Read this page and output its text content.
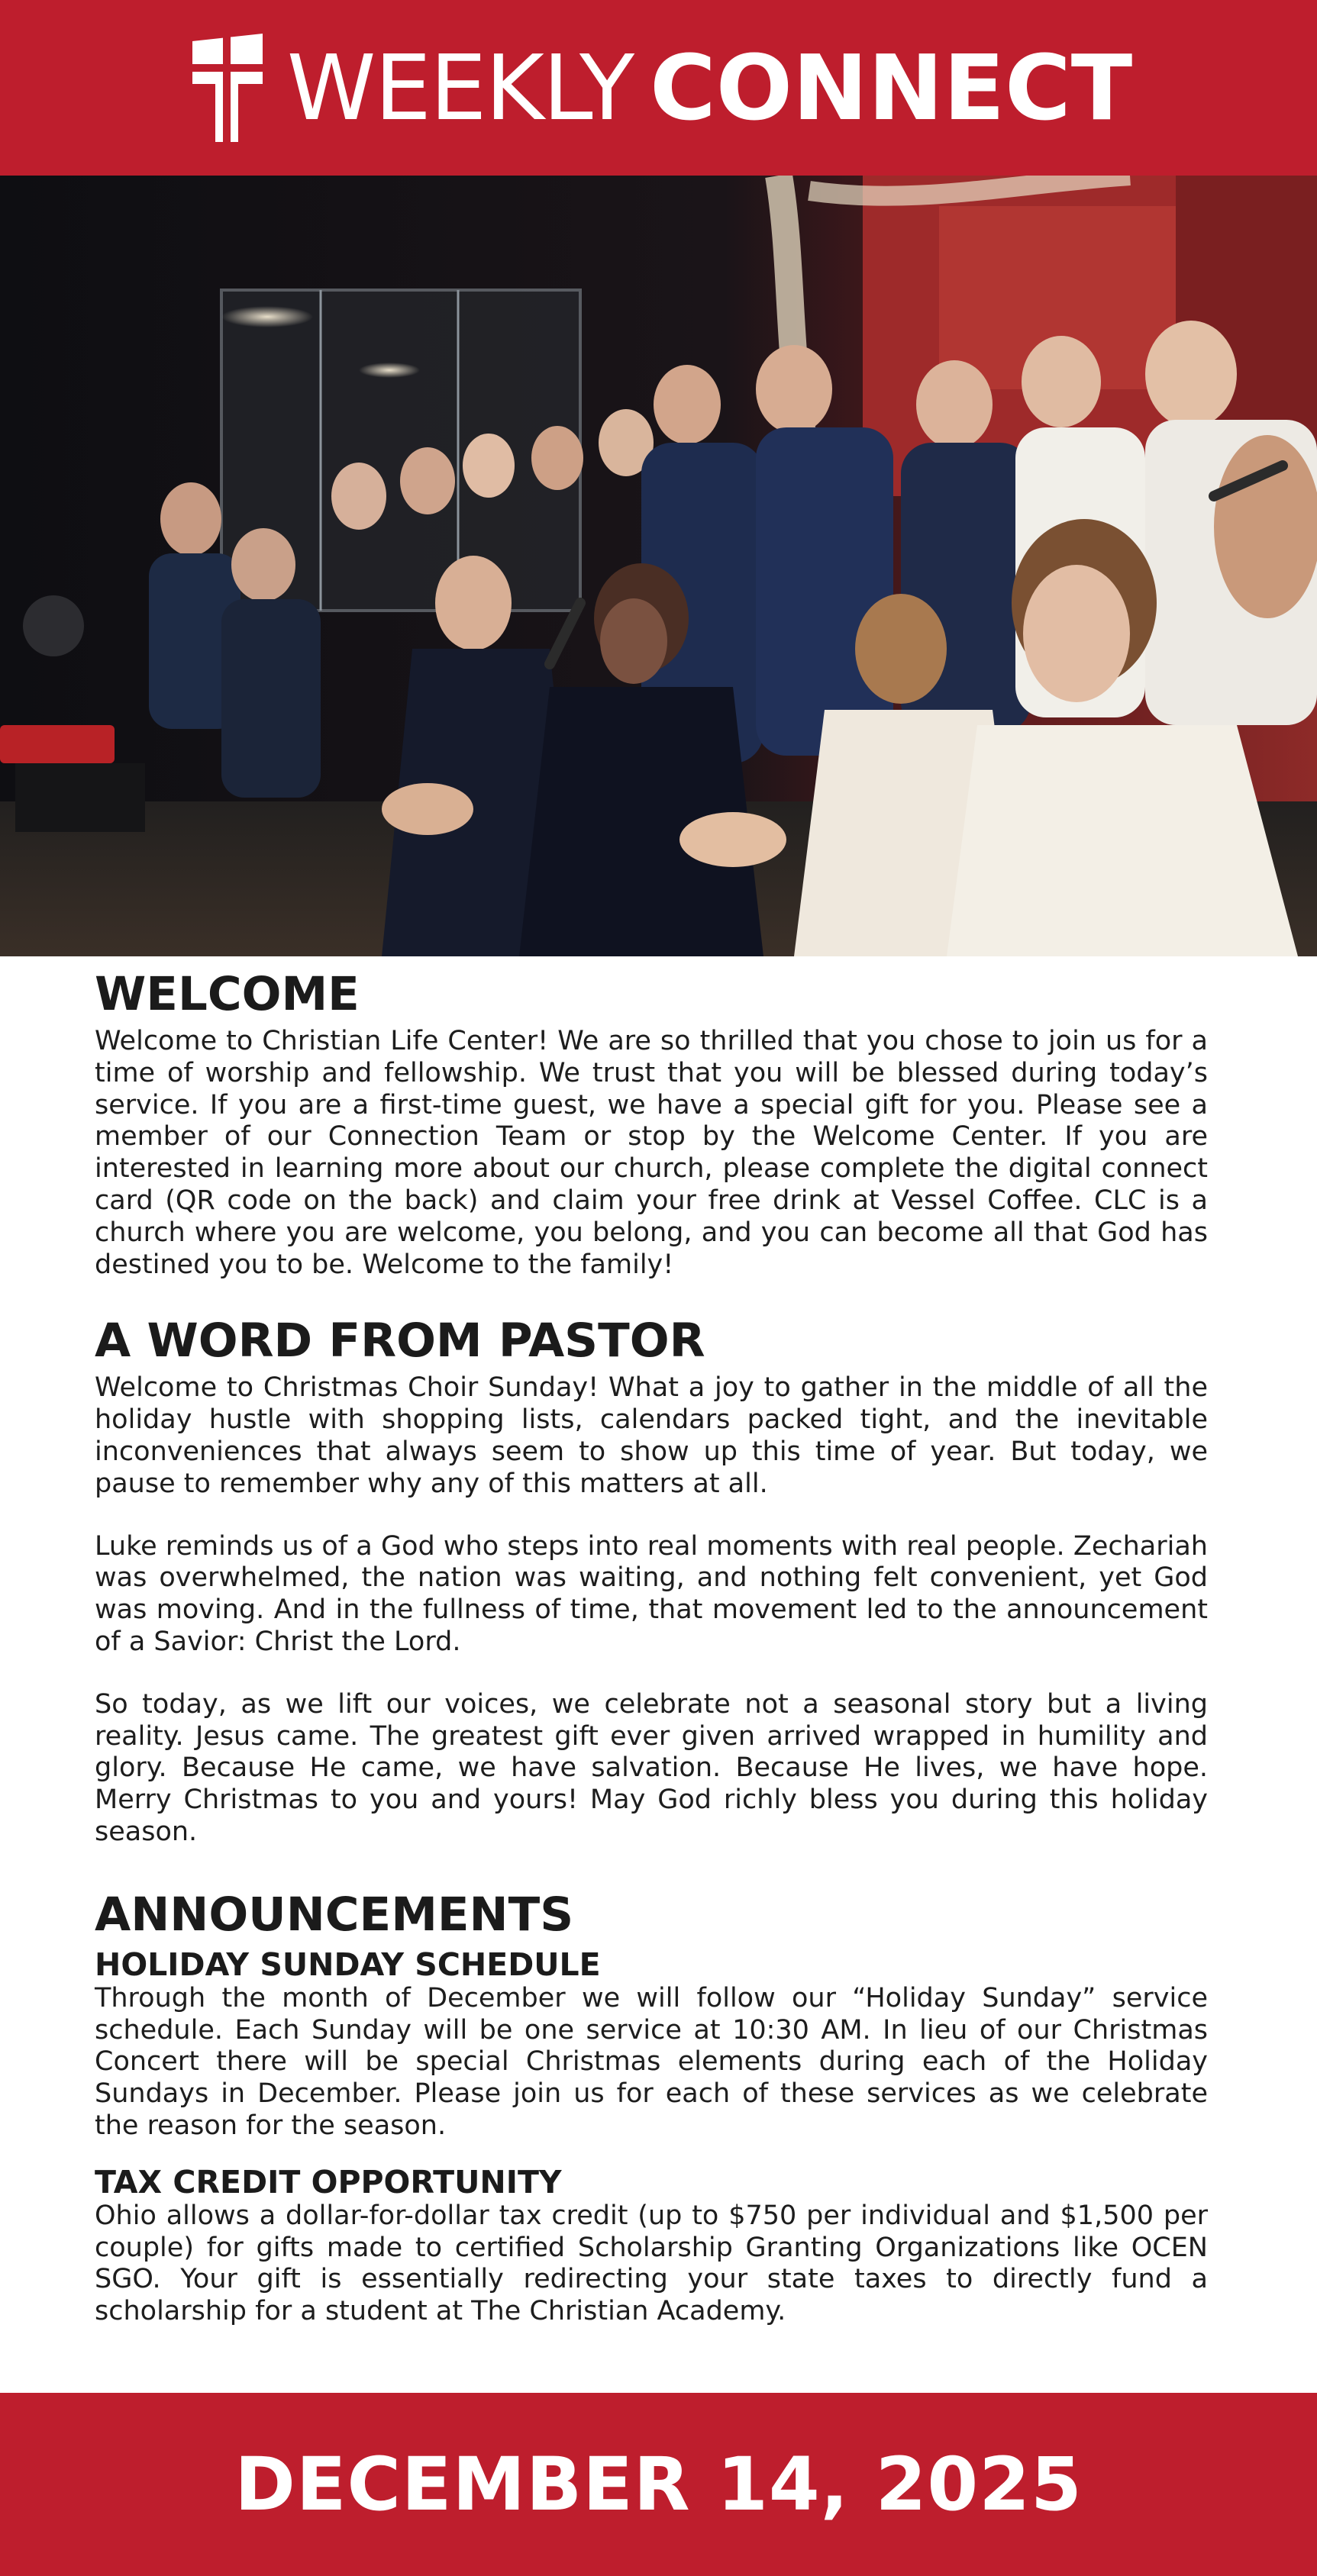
WEEKLY CONNECT
WELCOME

Welcome to Christian Life Center! We are so thrilled that you chose to join us for a time of worship and fellowship. We trust that you will be blessed during today’s service. If you are a first-time guest, we have a special gift for you. Please see a member of our Connection Team or stop by the Welcome Center. If you are interested in learning more about our church, please complete the digital connect card (QR code on the back) and claim your free drink at Vessel Coffee. CLC is a church where you are welcome, you belong, and you can become all that God has destined you to be. Welcome to the family!

A WORD FROM PASTOR

Welcome to Christmas Choir Sunday! What a joy to gather in the middle of all the holiday hustle with shopping lists, calendars packed tight, and the inevitable inconveniences that always seem to show up this time of year. But today, we pause to remember why any of this matters at all.

Luke reminds us of a God who steps into real moments with real people. Zechariah was overwhelmed, the nation was waiting, and nothing felt convenient, yet God was moving. And in the fullness of time, that movement led to the announcement of a Savior: Christ the Lord.

So today, as we lift our voices, we celebrate not a seasonal story but a living reality. Jesus came. The greatest gift ever given arrived wrapped in humility and glory. Because He came, we have salvation. Because He lives, we have hope. Merry Christmas to you and yours! May God richly bless you during this holiday season.

ANNOUNCEMENTS
HOLIDAY SUNDAY SCHEDULE

Through the month of December we will follow our “Holiday Sunday” service schedule. Each Sunday will be one service at 10:30 AM. In lieu of our Christmas Concert there will be special Christmas elements during each of the Holiday Sundays in December. Please join us for each of these services as we celebrate the reason for the season.

TAX CREDIT OPPORTUNITY

Ohio allows a dollar-for-dollar tax credit (up to $750 per individual and $1,500 per couple) for gifts made to certified Scholarship Granting Organizations like OCEN SGO. Your gift is essentially redirecting your state taxes to directly fund a scholarship for a student at The Christian Academy.

DECEMBER 14, 2025
